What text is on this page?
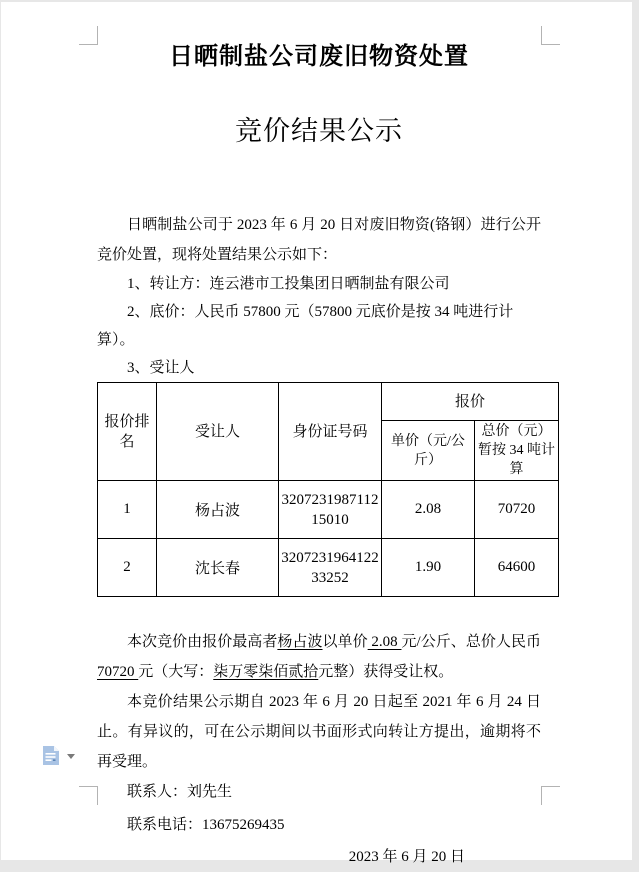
日晒制盐公司废旧物资处置
竞价结果公示

日晒制盐公司于 2023 年 6 月 20 日对废旧物资(铬钢）进行公开竞价处置，现将处置结果公示如下：

1、转让方：连云港市工投集团日晒制盐有限公司

2、底价：人民币 57800 元（57800 元底价是按 34 吨进行计算）。

3、受让人

报价排名	受让人	身份证号码	报价	
			单价（元/公斤）	总价（元）暂按 34 吨计算
1	杨占波	320723198711215010	2.08	70720
2	沈长春	320723196412233252	1.90	64600

本次竞价由报价最高者杨占波以单价 2.08 元/公斤、总价人民币 70720 元（大写：柒万零柒佰贰拾元整）获得受让权。

本竞价结果公示期自 2023 年 6 月 20 日起至 2021 年 6 月 24 日止。有异议的，可在公示期间以书面形式向转让方提出，逾期将不再受理。

联系人：刘先生

联系电话：13675269435

2023 年 6 月 20 日
